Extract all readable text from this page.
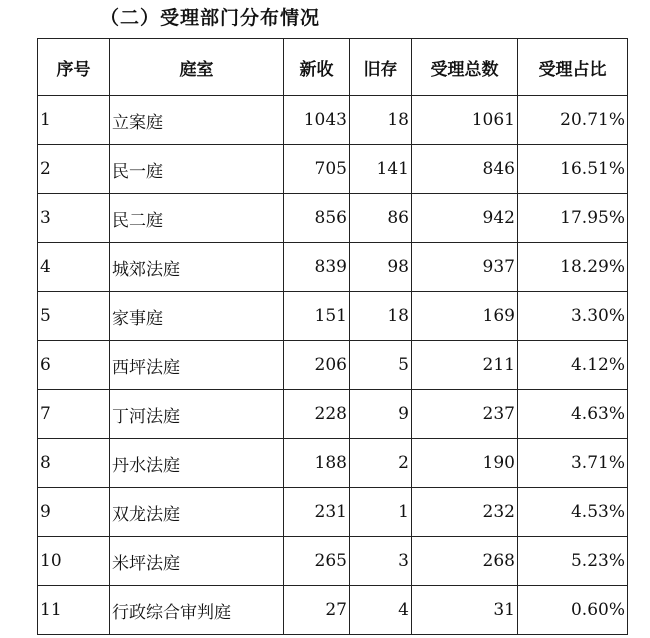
（二）受理部门分布情况
序号	庭室	新收	旧存	受理总数	受理占比
1	立案庭	1043	18	1061	20.71%
2	民一庭	705	141	846	16.51%
3	民二庭	856	86	942	17.95%
4	城郊法庭	839	98	937	18.29%
5	家事庭	151	18	169	3.30%
6	西坪法庭	206	5	211	4.12%
7	丁河法庭	228	9	237	4.63%
8	丹水法庭	188	2	190	3.71%
9	双龙法庭	231	1	232	4.53%
10	米坪法庭	265	3	268	5.23%
11	行政综合审判庭	27	4	31	0.60%
